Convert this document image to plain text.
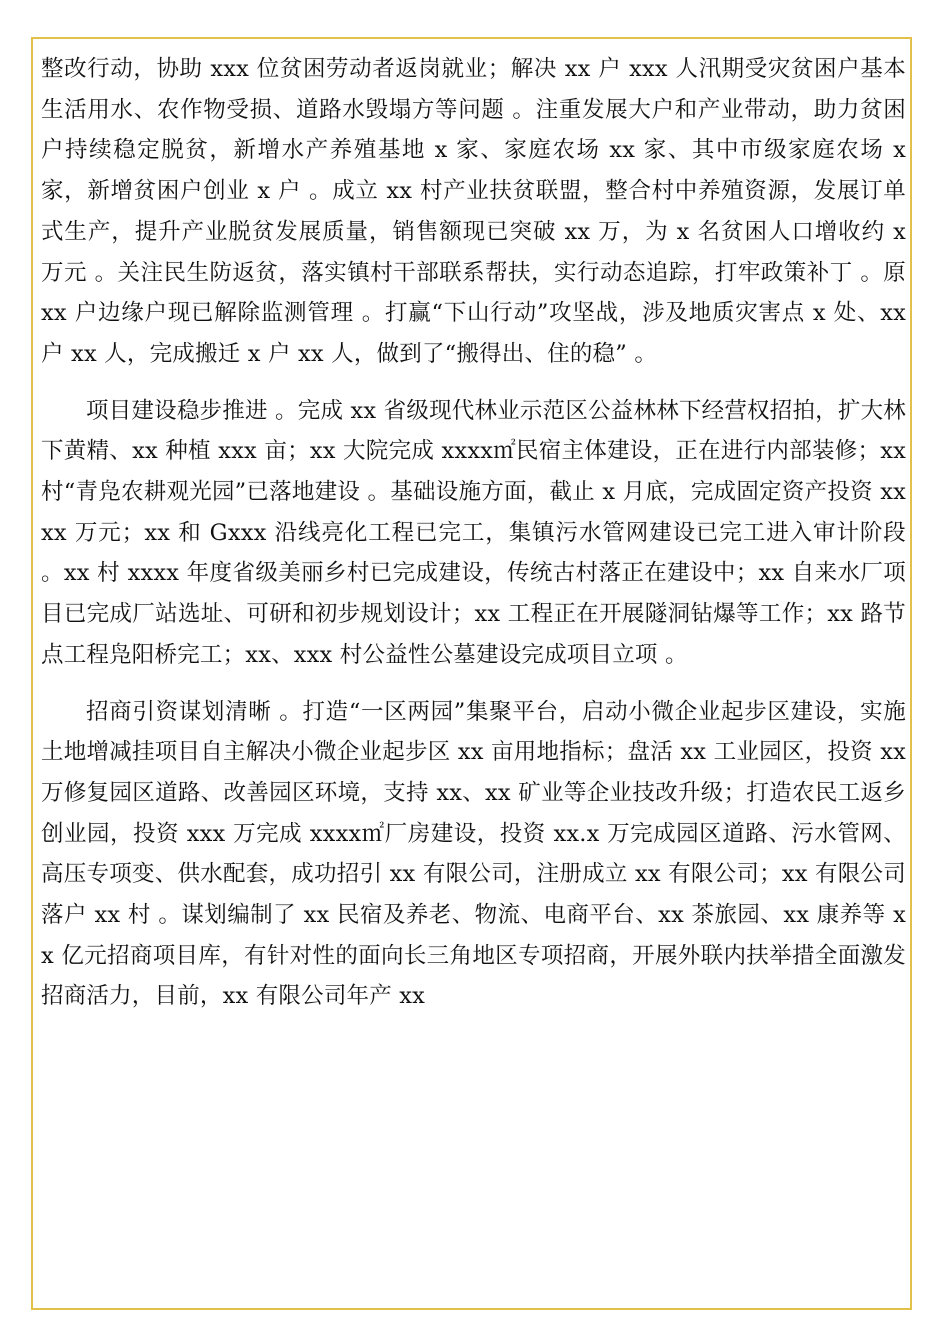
整改行动，协助 xxx 位贫困劳动者返岗就业；解决 xx 户 xxx 人汛期受灾贫困户基本生活用水、农作物受损、道路水毁塌方等问题 。注重发展大户和产业带动，助力贫困户持续稳定脱贫，新增水产养殖基地 x 家、家庭农场 xx 家、其中市级家庭农场 x 家，新增贫困户创业 x 户 。成立 xx 村产业扶贫联盟，整合村中养殖资源，发展订单式生产，提升产业脱贫发展质量，销售额现已突破 xx 万，为 x 名贫困人口增收约 x 万元 。关注民生防返贫，落实镇村干部联系帮扶，实行动态追踪，打牢政策补丁 。原 xx 户边缘户现已解除监测管理 。打赢“下山行动”攻坚战，涉及地质灾害点 x 处、xx 户 xx 人，完成搬迁 x 户 xx 人，做到了“搬得出、住的稳” 。

项目建设稳步推进 。完成 xx 省级现代林业示范区公益林林下经营权招拍，扩大林下黄精、xx 种植 xxx 亩；xx 大院完成 xxxx㎡民宿主体建设，正在进行内部装修；xx 村“青凫农耕观光园”已落地建设 。基础设施方面，截止 x 月底，完成固定资产投资 xxxx 万元；xx 和 Gxxx 沿线亮化工程已完工，集镇污水管网建设已完工进入审计阶段 。xx 村 xxxx 年度省级美丽乡村已完成建设，传统古村落正在建设中；xx 自来水厂项目已完成厂站选址、可研和初步规划设计；xx 工程正在开展隧洞钻爆等工作；xx 路节点工程凫阳桥完工；xx、xxx 村公益性公墓建设完成项目立项 。

招商引资谋划清晰 。打造“一区两园”集聚平台，启动小微企业起步区建设，实施土地增减挂项目自主解决小微企业起步区 xx 亩用地指标；盘活 xx 工业园区，投资 xx 万修复园区道路、改善园区环境，支持 xx、xx 矿业等企业技改升级；打造农民工返乡创业园，投资 xxx 万完成 xxxx㎡厂房建设，投资 xx.x 万完成园区道路、污水管网、高压专项变、供水配套，成功招引 xx 有限公司，注册成立 xx 有限公司；xx 有限公司落户 xx 村 。谋划编制了 xx 民宿及养老、物流、电商平台、xx 茶旅园、xx 康养等 xx 亿元招商项目库，有针对性的面向长三角地区专项招商，开展外联内扶举措全面激发招商活力，目前，xx 有限公司年产 xx
